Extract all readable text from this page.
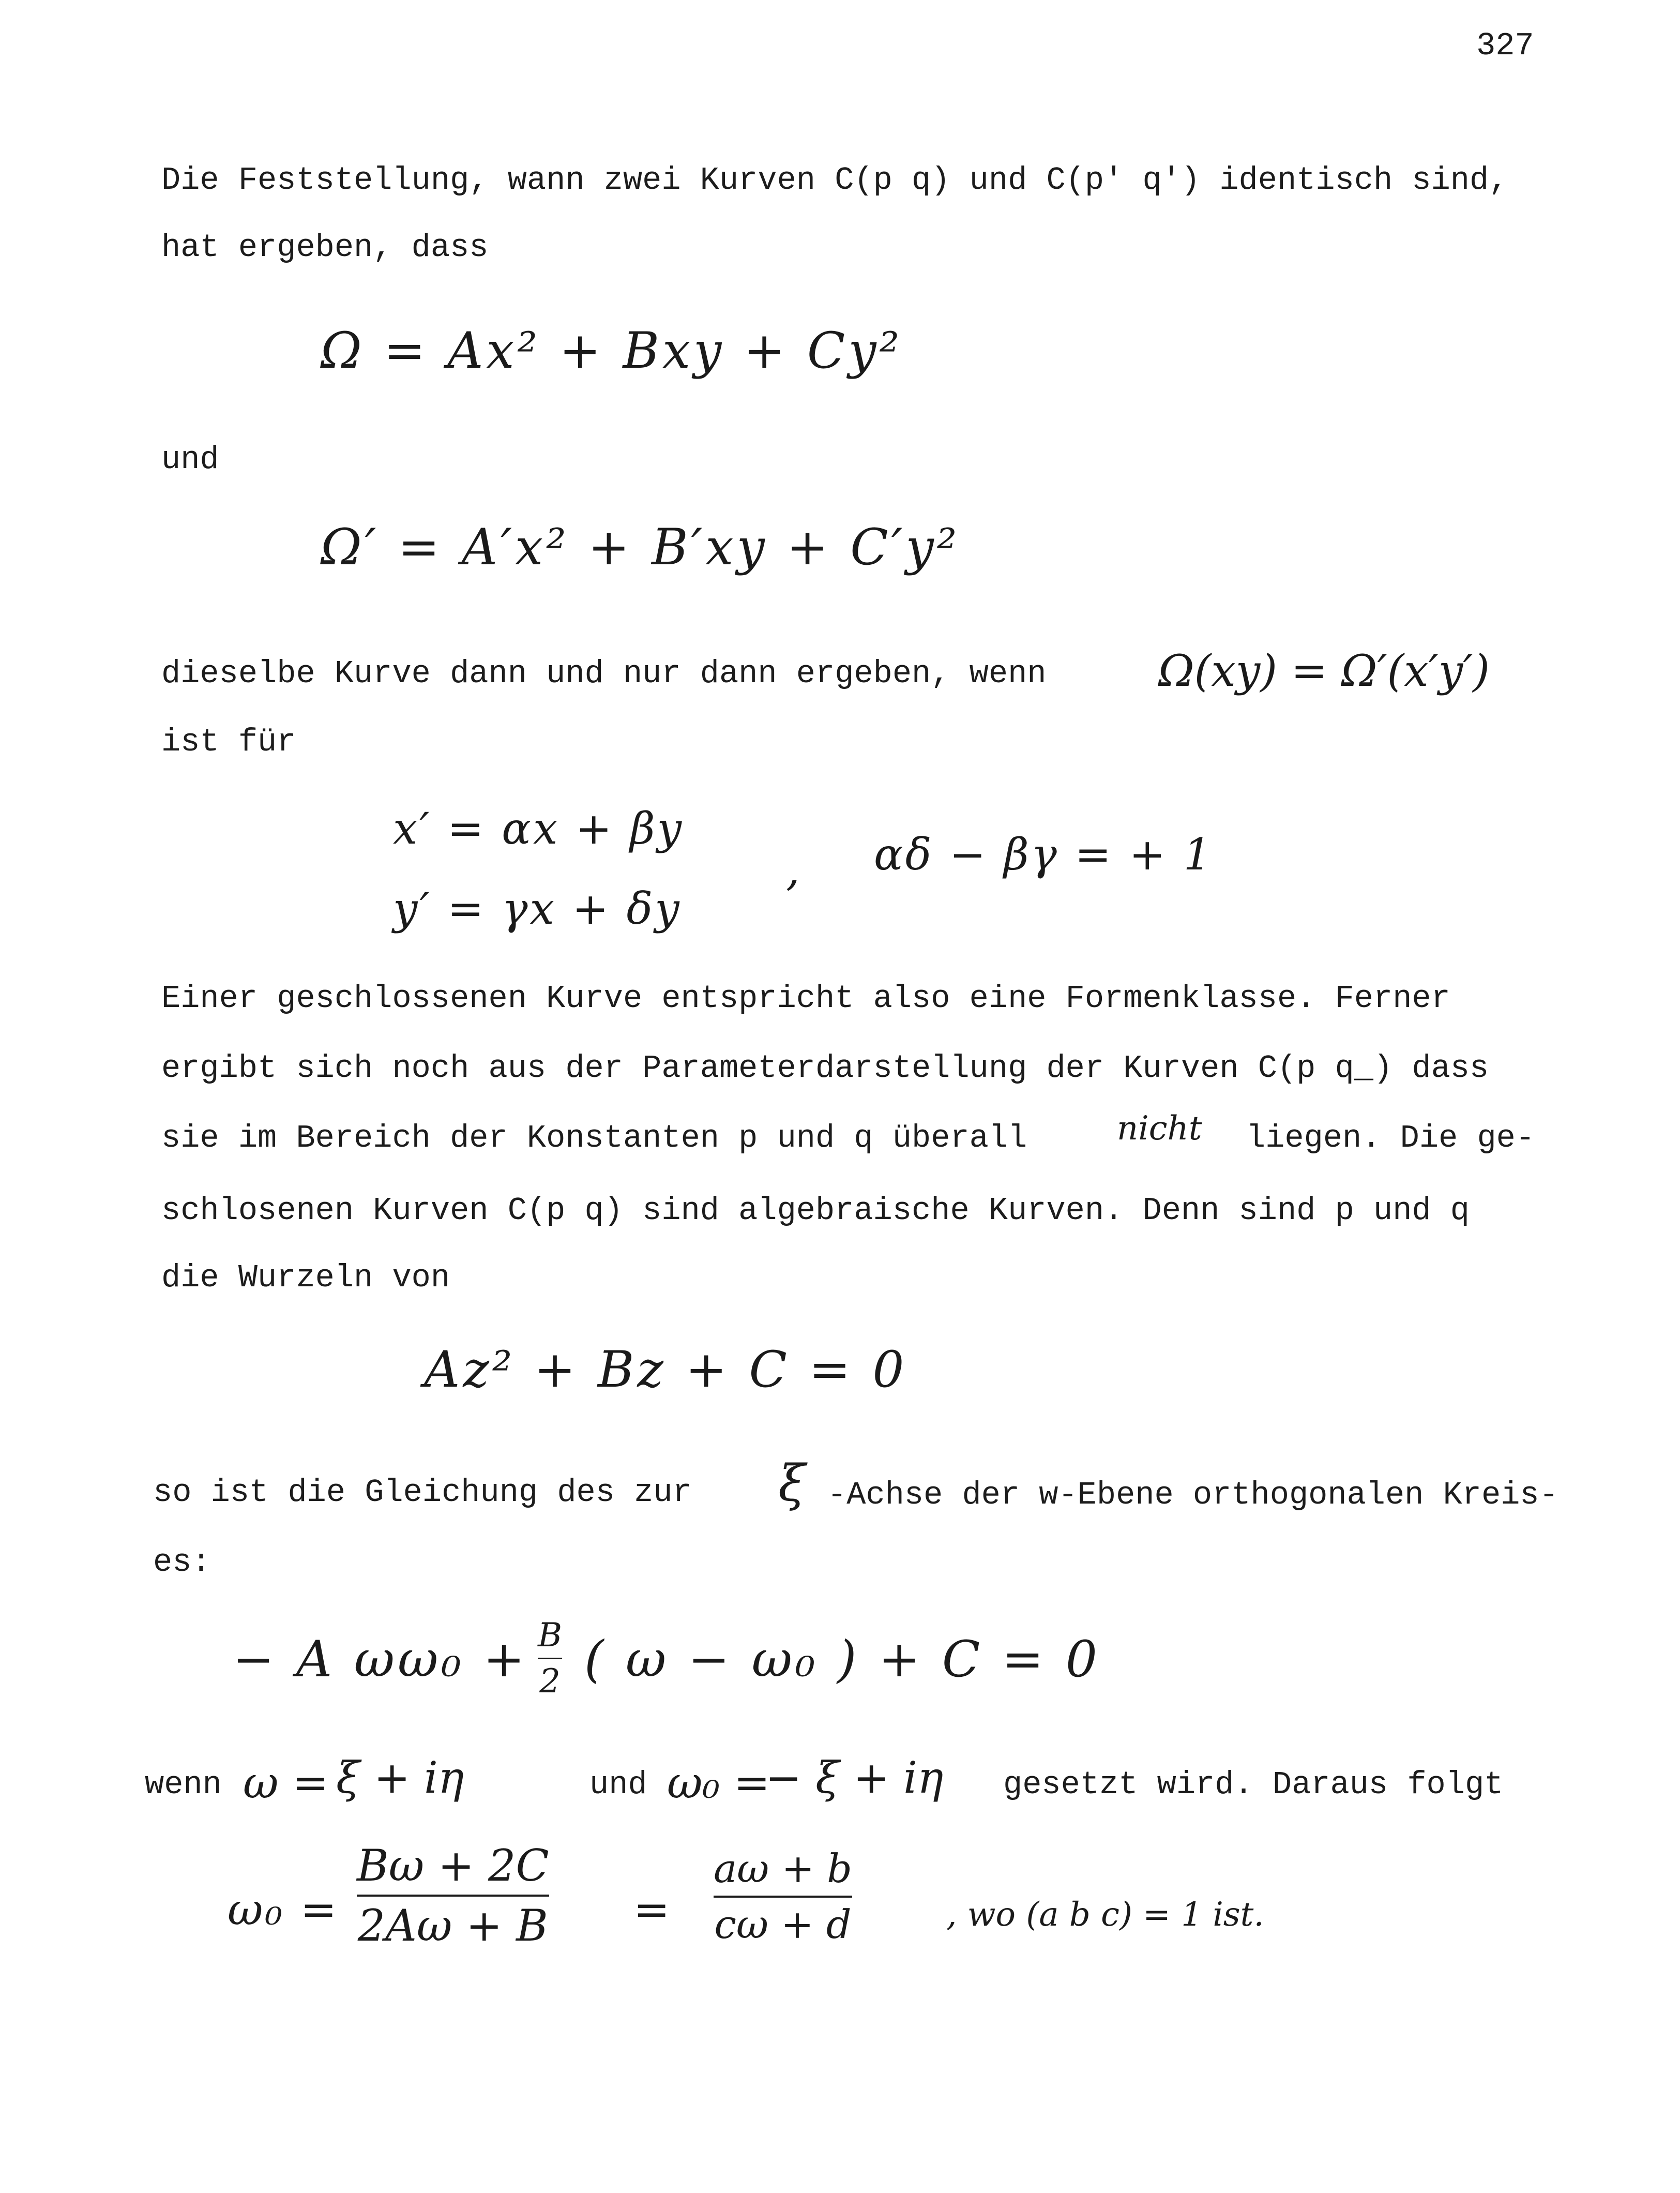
327
Die Feststellung, wann zwei Kurven C(p q) und C(p′ q′) identisch sind,
hat ergeben, dass
Ω = Ax² + Bxy + Cy²
und
Ω′ = A′x² + B′xy + C′y²
dieselbe Kurve dann und nur dann ergeben, wenn	Ω(xy) = Ω′(x′y′)
ist für
x′ = αx + βy
y′ = γx + δy
, αδ − βγ = + 1
Einer geschlossenen Kurve entspricht also eine Formenklasse. Ferner
ergibt sich noch aus der Parameterdarstellung der Kurven C(p q_) dass
sie im Bereich der Konstanten p und q überall	nicht liegen. Die ge-
schlosenen Kurven C(p q) sind algebraische Kurven. Denn sind p und q
die Wurzeln von
Az² + Bz + C = 0
so ist die Gleichung des zur ξ -Achse der w-Ebene orthogonalen Kreis-
es:
− A ωω₀ + B
2 ( ω − ω₀ ) + C = 0
wenn ω = ξ + iη	und ω₀ =
− ξ + iη gesetzt wird. Daraus folgt
ω₀ =
Bω + 2C
2Aω + B =
aω + b
cω + d	, wo (a b c) = 1 ist.
